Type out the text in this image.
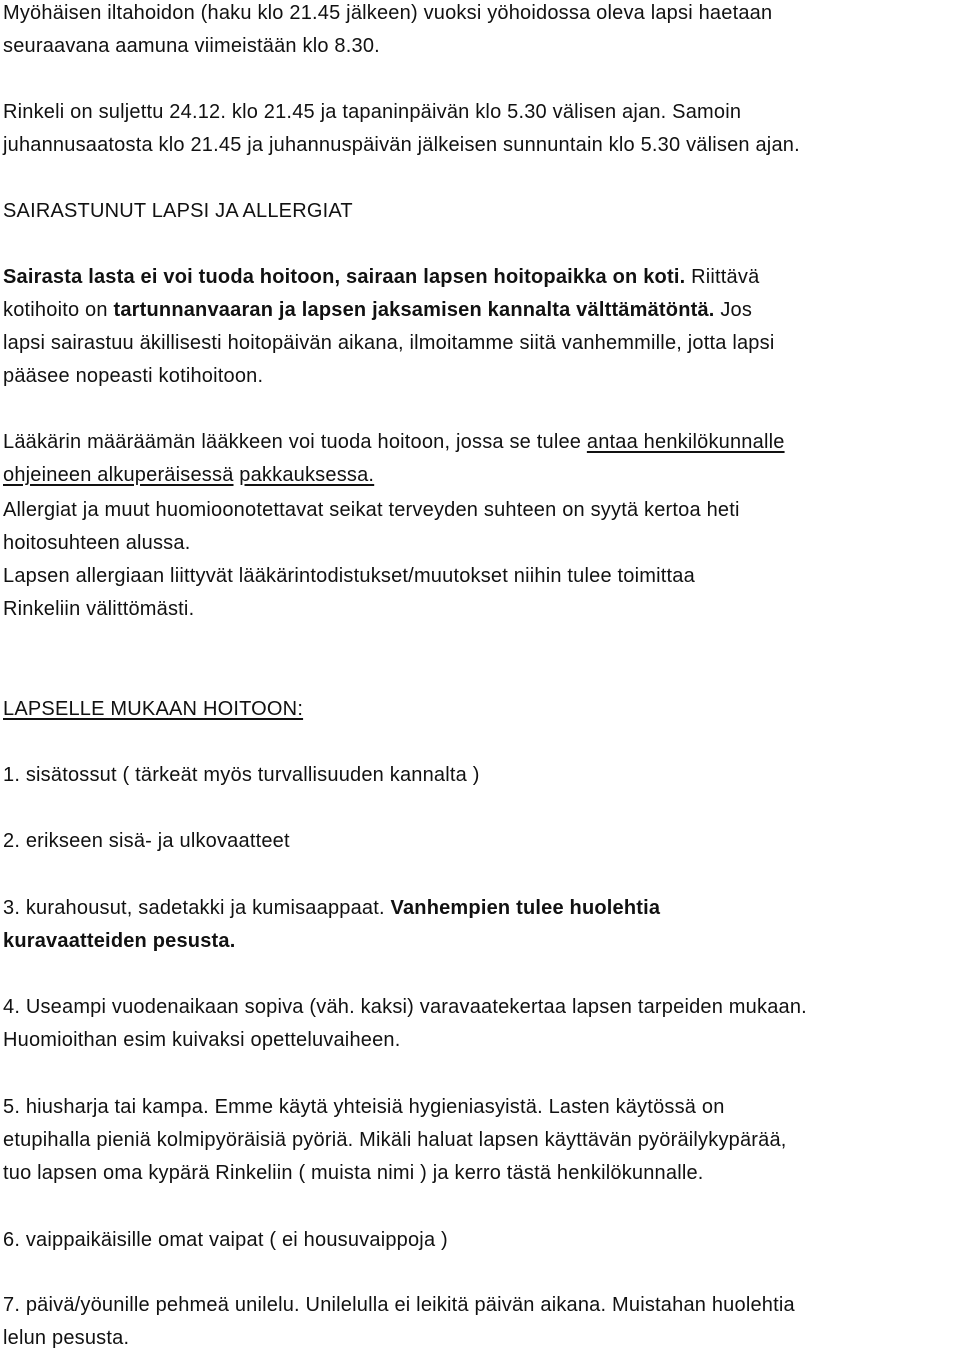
Myöhäisen iltahoidon (haku klo 21.45 jälkeen) vuoksi yöhoidossa oleva lapsi haetaan
seuraavana aamuna viimeistään klo 8.30.
Rinkeli on suljettu 24.12. klo 21.45 ja tapaninpäivän klo 5.30 välisen ajan. Samoin
juhannusaatosta klo 21.45 ja juhannuspäivän jälkeisen sunnuntain klo 5.30 välisen ajan.
SAIRASTUNUT LAPSI JA ALLERGIAT
Sairasta lasta ei voi tuoda hoitoon, sairaan lapsen hoitopaikka on koti. Riittävä
kotihoito on tartunnanvaaran ja lapsen jaksamisen kannalta välttämätöntä. Jos
lapsi sairastuu äkillisesti hoitopäivän aikana, ilmoitamme siitä vanhemmille, jotta lapsi
pääsee nopeasti kotihoitoon.
Lääkärin määräämän lääkkeen voi tuoda hoitoon, jossa se tulee antaa henkilökunnalle
ohjeineen alkuperäisessä pakkauksessa.
Allergiat ja muut huomioonotettavat seikat terveyden suhteen on syytä kertoa heti
hoitosuhteen alussa.
Lapsen allergiaan liittyvät lääkärintodistukset/muutokset niihin tulee toimittaa
Rinkeliin välittömästi.
LAPSELLE MUKAAN HOITOON:
1. sisätossut ( tärkeät myös turvallisuuden kannalta )
2. erikseen sisä- ja ulkovaatteet
3. kurahousut, sadetakki ja kumisaappaat. Vanhempien tulee huolehtia
kuravaatteiden pesusta.
4. Useampi vuodenaikaan sopiva (väh. kaksi) varavaatekertaa lapsen tarpeiden mukaan.
Huomioithan esim kuivaksi opetteluvaiheen.
5. hiusharja tai kampa. Emme käytä yhteisiä hygieniasyistä. Lasten käytössä on
etupihalla pieniä kolmipyöräisiä pyöriä. Mikäli haluat lapsen käyttävän pyöräilykypärää,
tuo lapsen oma kypärä Rinkeliin ( muista nimi ) ja kerro tästä henkilökunnalle.
6. vaippaikäisille omat vaipat ( ei housuvaippoja )
7. päivä/yöunille pehmeä unilelu. Unilelulla ei leikitä päivän aikana. Muistahan huolehtia
lelun pesusta.
